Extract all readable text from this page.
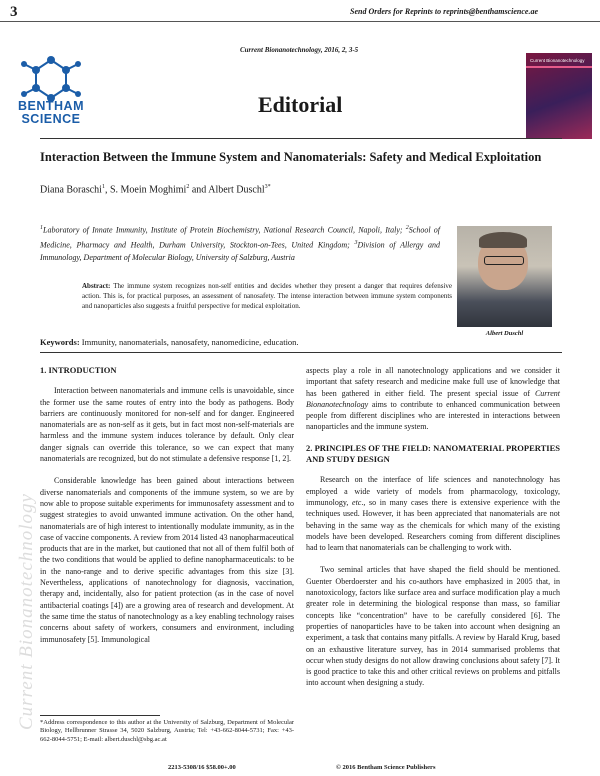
3	Send Orders for Reprints to reprints@benthamscience.ae
Current Bionanotechnology, 2016, 2, 3-5
BENTHAM
SCIENCE
Editorial
Current Bionanotechnology
Interaction Between the Immune System and Nanomaterials: Safety and Medical Exploitation
Diana Boraschi$^1$, S. Moein Moghimi$^2$ and Albert Duschl$^{3*}$
$^1$Laboratory of Innate Immunity, Institute of Protein Biochemistry, National Research Council, Napoli, Italy; $^2$School of Medicine, Pharmacy and Health, Durham University, Stockton-on-Tees, United Kingdom; $^3$Division of Allergy and Immunology, Department of Molecular Biology, University of Salzburg, Austria
Albert Duschl
Abstract: The immune system recognizes non-self entities and decides whether they present a danger that requires defensive action. This is, for practical purposes, an assessment of nanosafety. The intense interaction between immune system components and nanoparticles also suggests a fruitful perspective for medical exploitation.
Keywords: Immunity, nanomaterials, nanosafety, nanomedicine, education.
1. INTRODUCTION

Interaction between nanomaterials and immune cells is unavoidable, since the former use the same routes of entry into the body as pathogens. Body barriers are continuously monitored for non-self and for danger. Engineered nanomaterials are as non-self as it gets, but in fact most non-self-materials are harmless and the immune system induces tolerance by default. Only clear danger signals can override this tolerance, so we can expect that many nanomaterials are recognized, but do not stimulate a defensive response [1, 2].

Considerable knowledge has been gained about interactions between diverse nanomaterials and components of the immune system, so we are by now able to propose suitable experiments for immunosafety assessment and to suggest strategies to avoid unwanted immune activation. On the other hand, nanomaterials are of high interest to intentionally modulate immunity, as in the case of vaccine components. A review from 2014 listed 43 nanopharmaceutical products that are in the market, but cautioned that not all of them fulfil both of the two conditions that would be applied to define nanopharmaceuticals: to be in the nano-range and to derive specific advantages from this size [3]. Nevertheless, applications of nanotechnology for diagnosis, vaccination, therapy and, incidentally, also for patient protection (as in the case of novel antibacterial coatings [4]) are a growing area of research and development. At the same time the status of nanotechnology as a key enabling technology raises concerns about safety of workers, consumers and environment, including immunosafety [5]. Immunological

aspects play a role in all nanotechnology applications and we consider it important that safety research and medicine make full use of knowledge that has been gathered in either field. The present special issue of Current Bionanotechnology aims to contribute to enhanced communication between people from different disciplines who are interested in interactions between nanoparticles and the immune system.

2. PRINCIPLES OF THE FIELD: NANOMATERIAL PROPERTIES AND STUDY DESIGN

Research on the interface of life sciences and nanotechnology has employed a wide variety of models from pharmacology, toxicology, immunology, etc., so in many cases there is extensive experience with the techniques used. However, it has been appreciated that nanomaterials are not behaving in the same way as the chemicals for which many of the existing models have been developed. Researchers coming from different disciplines had to learn that nanomaterials can be challenging to work with.

Two seminal articles that have shaped the field should be mentioned. Guenter Oberdoerster and his co-authors have emphasized in 2005 that, in nanotoxicology, factors like surface area and surface modification play a much greater role in determining the biological response than mass, so familiar concepts like “concentration” have to be carefully considered [6]. The properties of nanoparticles have to be taken into account when designing an experiment, a task that contains many pitfalls. A review by Harald Krug, based on an exhaustive literature survey, has in 2014 summarised problems that occur when study designs do not allow drawing conclusions about safety [7]. It is good practice to take this and other critical reviews on problems and pitfalls into account when designing a study.

*Address correspondence to this author at the University of Salzburg, Department of Molecular Biology, Hellbrunner Strasse 34, 5020 Salzburg, Austria; Tel: +43-662-8044-5731; Fax: +43-662-8044-5751; E-mail: albert.duschl@sbg.ac.at
2213-5308/16 $58.00+.00	© 2016 Bentham Science Publishers
Current Bionanotechnology
